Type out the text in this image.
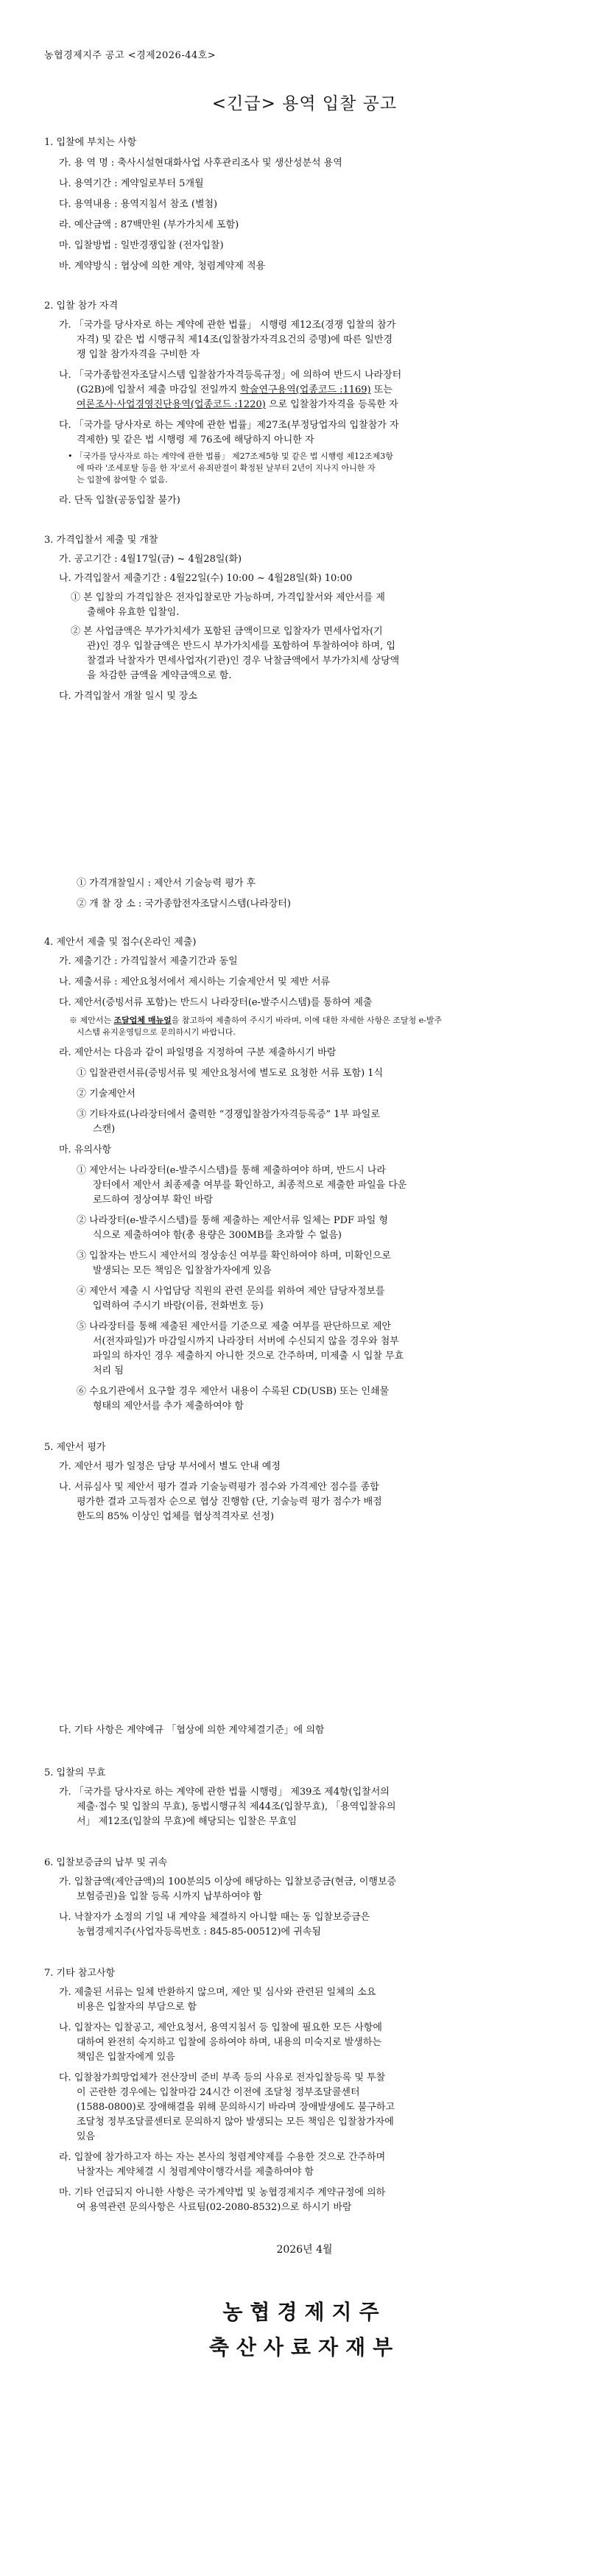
농협경제지주 공고 <경제2026-44호>
<긴급> 용역 입찰 공고
1. 입찰에 부치는 사항
가. 용 역 명 : 축사시설현대화사업 사후관리조사 및 생산성분석 용역
나. 용역기간 : 계약일로부터 5개월
다. 용역내용 : 용역지침서 참조 (별첨)
라. 예산금액 : 87백만원 (부가가치세 포함)
마. 입찰방법 : 일반경쟁입찰 (전자입찰)
바. 계약방식 : 협상에 의한 계약, 청렴계약제 적용
2. 입찰 참가 자격
가. 「국가를 당사자로 하는 계약에 관한 법률」 시행령 제12조(경쟁 입찰의 참가
자격) 및 같은 법 시행규칙 제14조(입찰참가자격요건의 증명)에 따른 일반경
쟁 입찰 참가자격을 구비한 자
나. 「국가종합전자조달시스템 입찰참가자격등록규정」에 의하여 반드시 나라장터
(G2B)에 입찰서 제출 마감일 전일까지 학술연구용역(업종코드 :1169) 또는
여론조사·사업경영진단용역(업종코드 :1220) 으로 입찰참가자격을 등록한 자
다. 「국가를 당사자로 하는 계약에 관한 법률」제27조(부정당업자의 입찰참가 자
격제한) 및 같은 법 시행령 제 76조에 해당하지 아니한 자
• 「국가를 당사자로 하는 계약에 관한 법률」 제27조제5항 및 같은 법 시행령 제12조제3항
에 따라 '조세포탈 등을 한 자'로서 유죄판결이 확정된 날부터 2년이 지나지 아니한 자
는 입찰에 참여할 수 없음.
라. 단독 입찰(공동입찰 불가)
3. 가격입찰서 제출 및 개찰
가. 공고기간 : 4월17일(금) ~ 4월28일(화)
나. 가격입찰서 제출기간 : 4월22일(수) 10:00 ~ 4월28일(화) 10:00
① 본 입찰의 가격입찰은 전자입찰로만 가능하며, 가격입찰서와 제안서를 제
출해야 유효한 입찰임.
② 본 사업금액은 부가가치세가 포함된 금액이므로 입찰자가 면세사업자(기
관)인 경우 입찰금액은 반드시 부가가치세를 포함하여 투찰하여야 하며, 입
찰결과 낙찰자가 면세사업자(기관)인 경우 낙찰금액에서 부가가치세 상당액
을 차감한 금액을 계약금액으로 함.
다. 가격입찰서 개찰 일시 및 장소
① 가격개찰일시 : 제안서 기술능력 평가 후
② 개 찰 장 소 : 국가종합전자조달시스템(나라장터)
4. 제안서 제출 및 접수(온라인 제출)
가. 제출기간 : 가격입찰서 제출기간과 동일
나. 제출서류 : 제안요청서에서 제시하는 기술제안서 및 제반 서류
다. 제안서(증빙서류 포함)는 반드시 나라장터(e-발주시스템)를 통하여 제출
※ 제안서는 조달업체 매뉴얼을 참고하여 제출하여 주시기 바라며, 이에 대한 자세한 사항은 조달청 e-발주
시스템 유지운영팀으로 문의하시기 바랍니다.
라. 제안서는 다음과 같이 파일명을 지정하여 구분 제출하시기 바람
① 입찰관련서류(증빙서류 및 제안요청서에 별도로 요청한 서류 포함) 1식
② 기술제안서
③ 기타자료(나라장터에서 출력한 “경쟁입찰참가자격등록증” 1부 파일로
스캔)
마. 유의사항
① 제안서는 나라장터(e-발주시스템)를 통해 제출하여야 하며, 반드시 나라
장터에서 제안서 최종제출 여부를 확인하고, 최종적으로 제출한 파일을 다운
로드하여 정상여부 확인 바람
② 나라장터(e-발주시스템)를 통해 제출하는 제안서류 일체는 PDF 파일 형
식으로 제출하여야 함(총 용량은 300MB를 초과할 수 없음)
③ 입찰자는 반드시 제안서의 정상송신 여부를 확인하여야 하며, 미확인으로
발생되는 모든 책임은 입찰참가자에게 있음
④ 제안서 제출 시 사업담당 직원의 관련 문의를 위하여 제안 담당자정보를
입력하여 주시기 바람(이름, 전화번호 등)
⑤ 나라장터를 통해 제출된 제안서를 기준으로 제출 여부를 판단하므로 제안
서(전자파일)가 마감일시까지 나라장터 서버에 수신되지 않을 경우와 첨부
파일의 하자인 경우 제출하지 아니한 것으로 간주하며, 미제출 시 입찰 무효
처리 됨
⑥ 수요기관에서 요구할 경우 제안서 내용이 수록된 CD(USB) 또는 인쇄물
형태의 제안서를 추가 제출하여야 함
5. 제안서 평가
가. 제안서 평가 일정은 담당 부서에서 별도 안내 예정
나. 서류심사 및 제안서 평가 결과 기술능력평가 점수와 가격제안 점수를 종합
평가한 결과 고득점자 순으로 협상 진행함 (단, 기술능력 평가 점수가 배점
한도의 85% 이상인 업체를 협상적격자로 선정)
다. 기타 사항은 계약예규 「협상에 의한 계약체결기준」에 의함
5. 입찰의 무효
가. 「국가를 당사자로 하는 계약에 관한 법률 시행령」 제39조 제4항(입찰서의
제출·접수 및 입찰의 무효), 동법시행규칙 제44조(입찰무효), 「용역입찰유의
서」 제12조(입찰의 무효)에 해당되는 입찰은 무효임
6. 입찰보증금의 납부 및 귀속
가. 입찰금액(제안금액)의 100분의5 이상에 해당하는 입찰보증금(현금, 이행보증
보험증권)을 입찰 등록 시까지 납부하여야 함
나. 낙찰자가 소정의 기일 내 계약을 체결하지 아니할 때는 동 입찰보증금은
농협경제지주(사업자등록번호 : 845-85-00512)에 귀속됨
7. 기타 참고사항
가. 제출된 서류는 일체 반환하지 않으며, 제안 및 심사와 관련된 일체의 소요
비용은 입찰자의 부담으로 함
나. 입찰자는 입찰공고, 제안요청서, 용역지침서 등 입찰에 필요한 모든 사항에
대하여 완전히 숙지하고 입찰에 응하여야 하며, 내용의 미숙지로 발생하는
책임은 입찰자에게 있음
다. 입찰참가희망업체가 전산장비 준비 부족 등의 사유로 전자입찰등록 및 투찰
이 곤란한 경우에는 입찰마감 24시간 이전에 조달청 정부조달콜센터
(1588-0800)로 장애해결을 위해 문의하시기 바라며 장애발생에도 불구하고
조달청 정부조달콜센터로 문의하지 않아 발생되는 모든 책임은 입찰참가자에
있음
라. 입찰에 참가하고자 하는 자는 본사의 청렴계약제를 수용한 것으로 간주하며
낙찰자는 계약체결 시 청렴계약이행각서를 제출하여야 함
마. 기타 언급되지 아니한 사항은 국가계약법 및 농협경제지주 계약규정에 의하
여 용역관련 문의사항은 사료팀(02-2080-8532)으로 하시기 바람
2026년 4월
농협경제지주
축산사료자재부
